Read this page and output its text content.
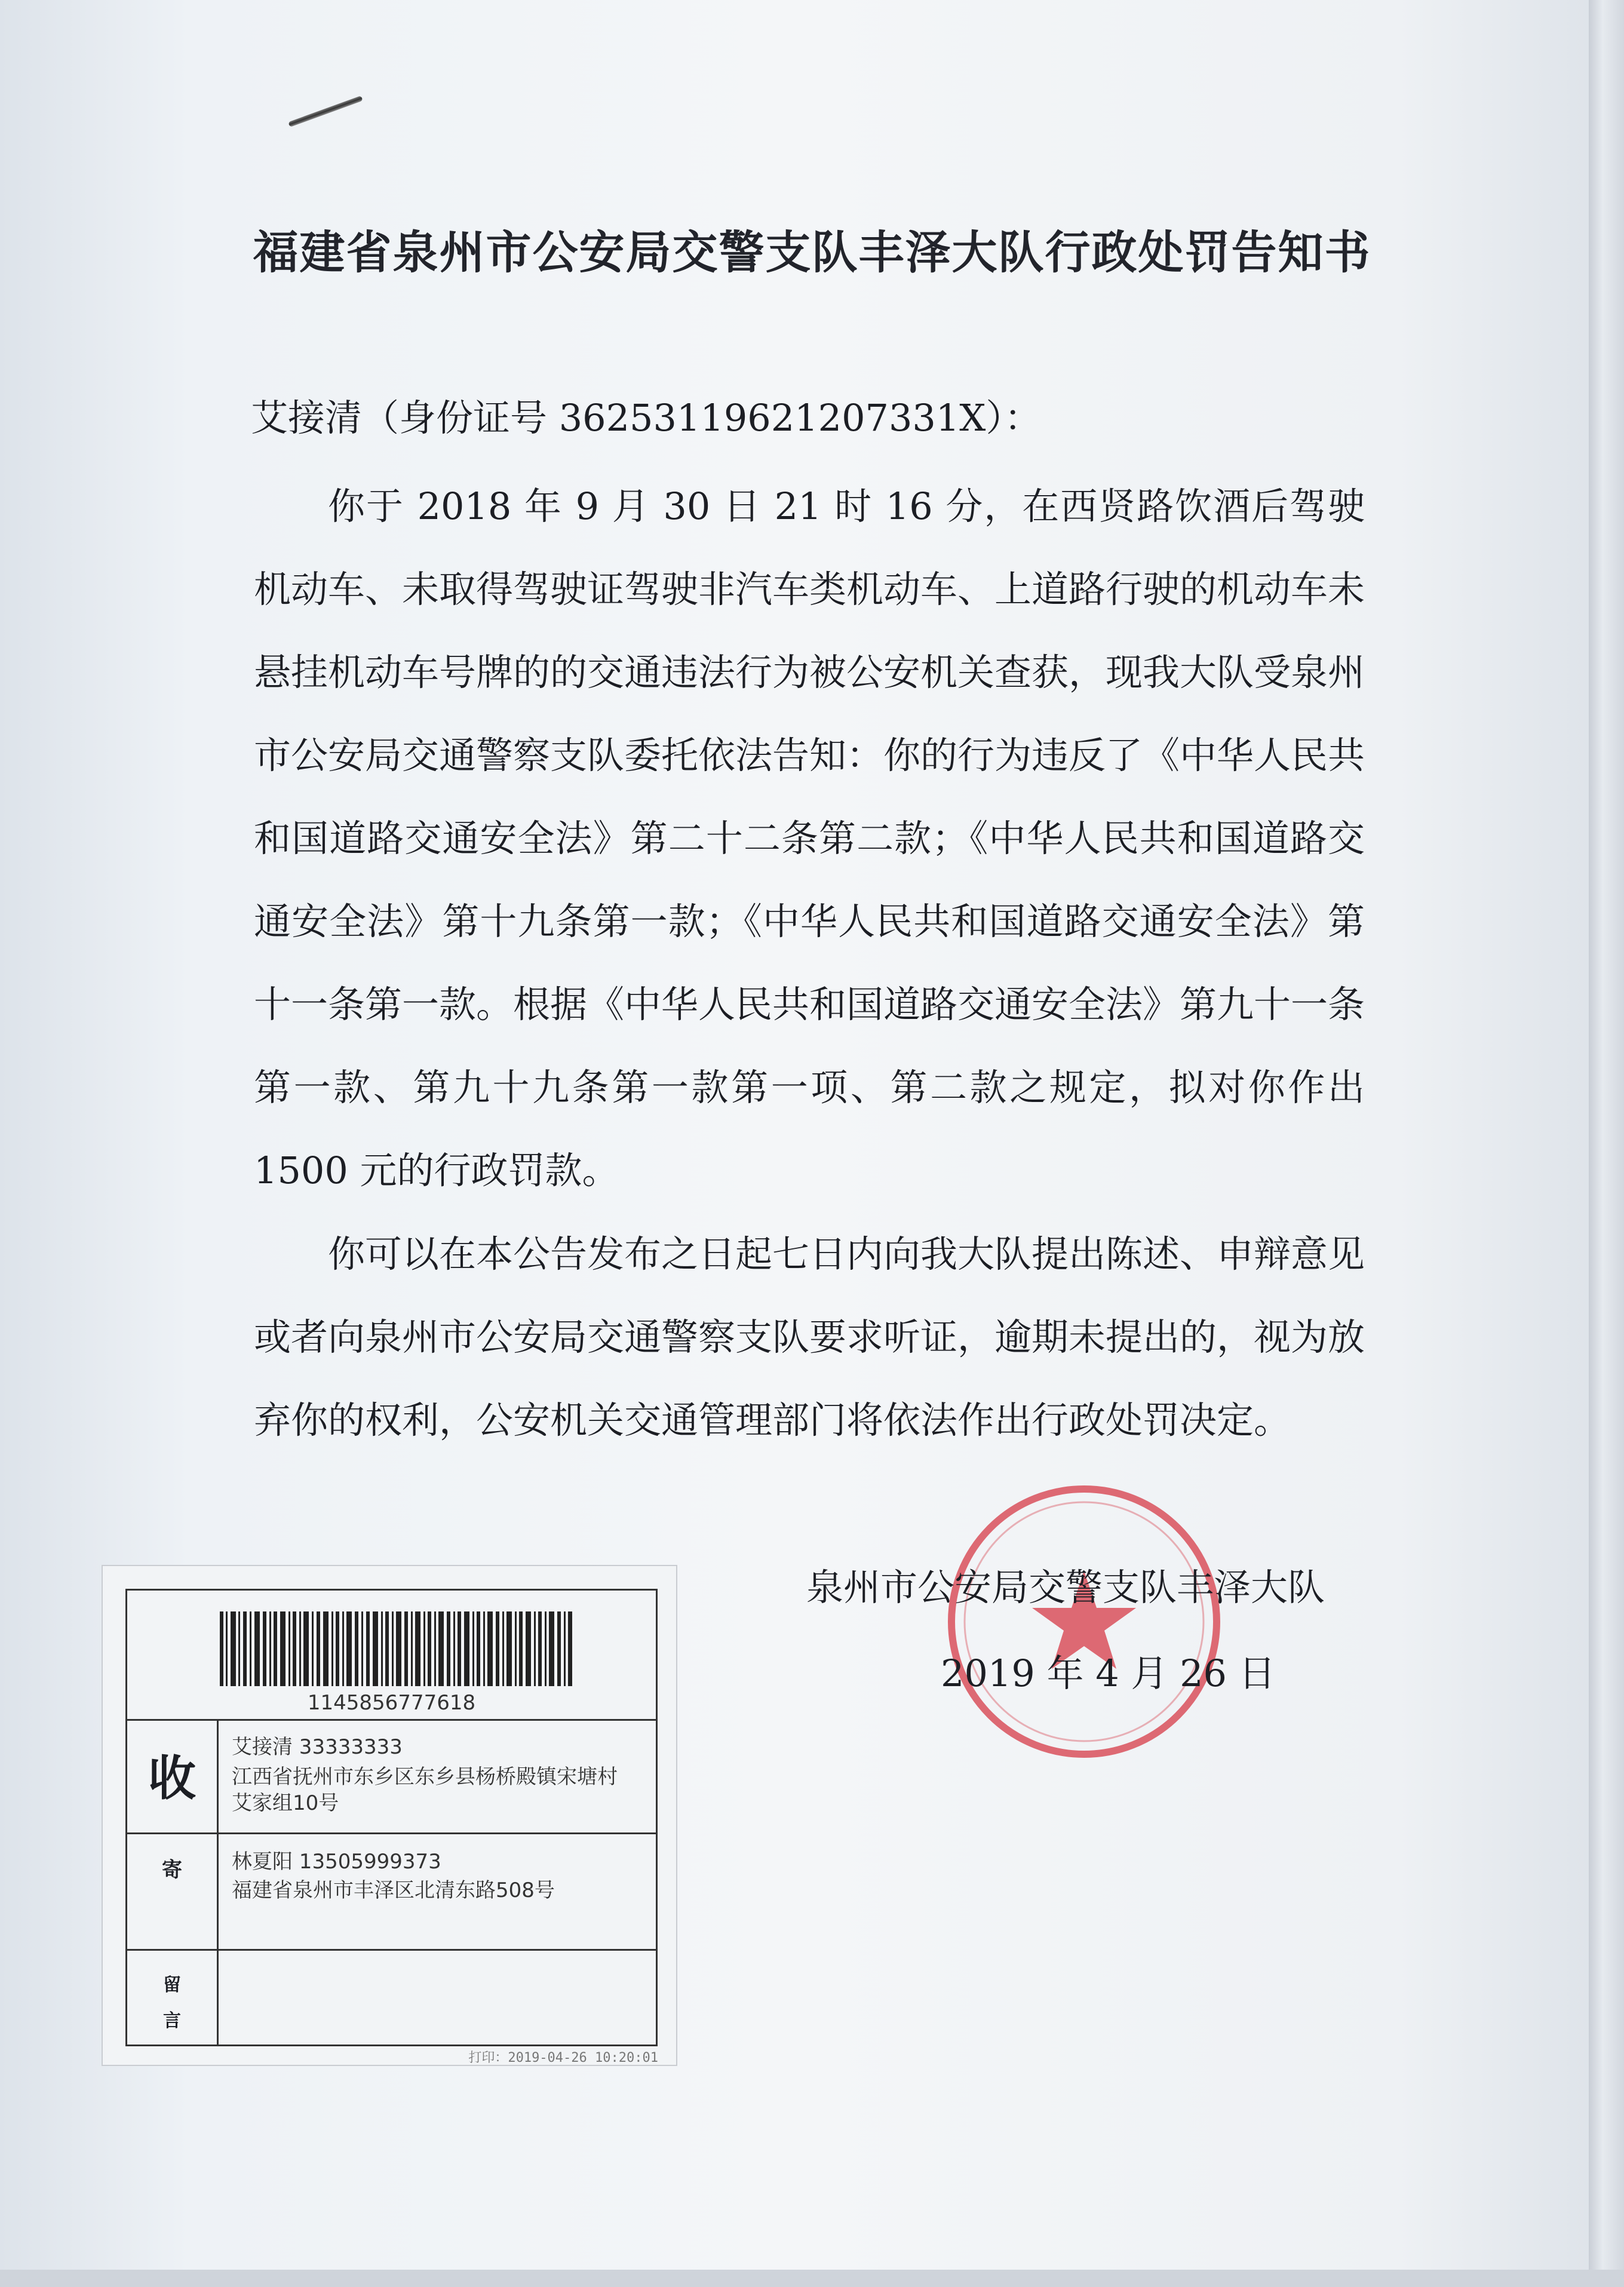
福建省泉州市公安局交警支队丰泽大队行政处罚告知书
艾接清（身份证号 36253119621207331X）：
你于 2018 年 9 月 30 日 21 时 16 分，在西贤路饮酒后驾驶机动车、未取得驾驶证驾驶非汽车类机动车、上道路行驶的机动车未悬挂机动车号牌的的交通违法行为被公安机关查获，现我大队受泉州市公安局交通警察支队委托依法告知：你的行为违反了《中华人民共和国道路交通安全法》第二十二条第二款；《中华人民共和国道路交通安全法》第十九条第一款；《中华人民共和国道路交通安全法》第十一条第一款。根据《中华人民共和国道路交通安全法》第九十一条第一款、第九十九条第一款第一项、第二款之规定，拟对你作出 1500 元的行政罚款。
你可以在本公告发布之日起七日内向我大队提出陈述、申辩意见或者向泉州市公安局交通警察支队要求听证，逾期未提出的，视为放弃你的权利，公安机关交通管理部门将依法作出行政处罚决定。
泉州市公安局交警支队丰泽大队
2019 年 4 月 26 日
1145856777618
收
艾接清 33333333
江西省抚州市东乡区东乡县杨桥殿镇宋塘村
艾家组10号
寄	林夏阳 13505999373
福建省泉州市丰泽区北清东路508号
留
言
打印：2019-04-26 10:20:01
